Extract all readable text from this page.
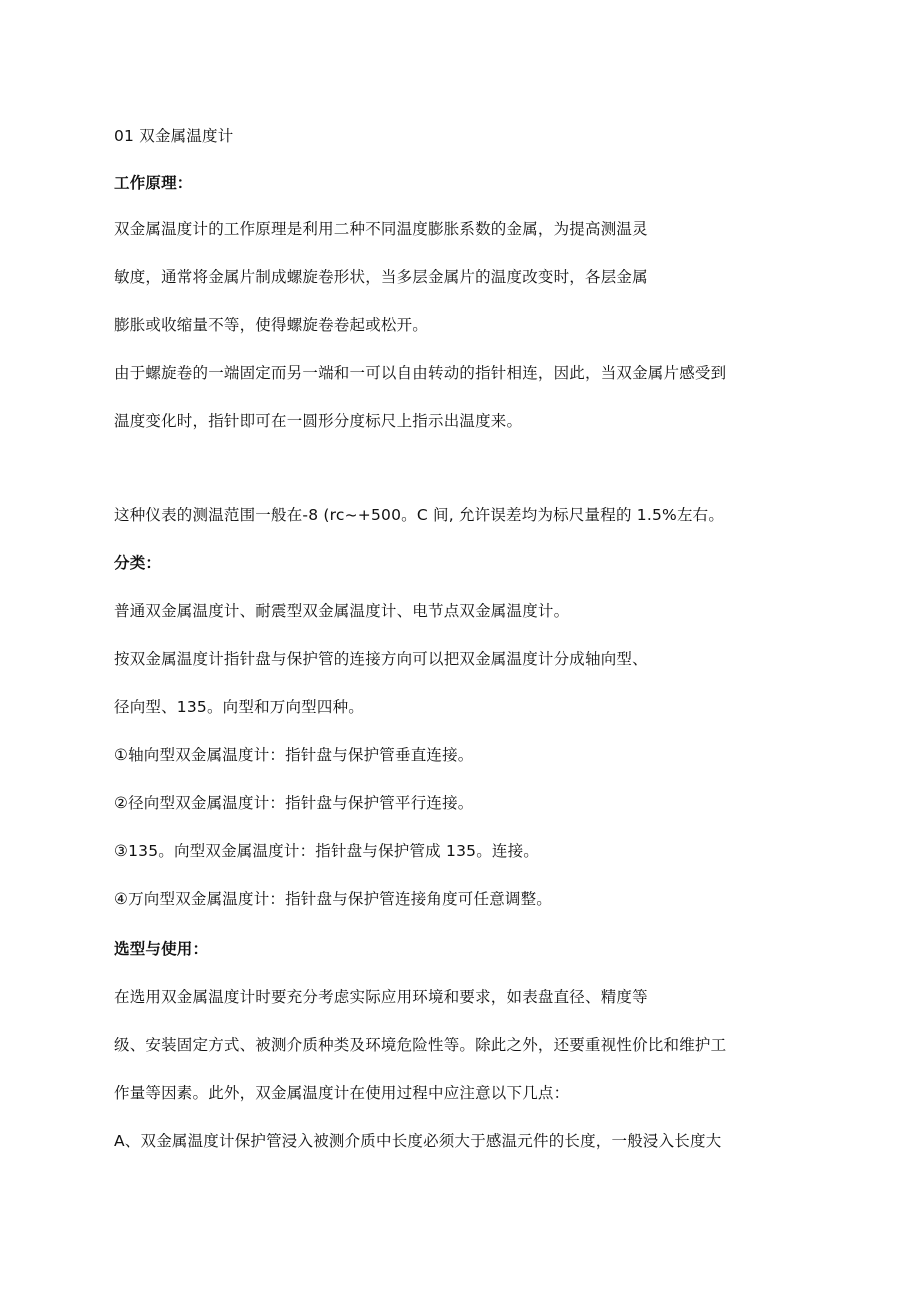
01 双金属温度计
工作原理：
双金属温度计的工作原理是利用二种不同温度膨胀系数的金属，为提高测温灵
敏度，通常将金属片制成螺旋卷形状，当多层金属片的温度改变时，各层金属
膨胀或收缩量不等，使得螺旋卷卷起或松开。
由于螺旋卷的一端固定而另一端和一可以自由转动的指针相连，因此，当双金属片感受到
温度变化时，指针即可在一圆形分度标尺上指示出温度来。
这种仪表的测温范围一般在-8 (rc~+500。C 间, 允许误差均为标尺量程的 1.5%左右。
分类：
普通双金属温度计、耐震型双金属温度计、电节点双金属温度计。
按双金属温度计指针盘与保护管的连接方向可以把双金属温度计分成轴向型、
径向型、135。向型和万向型四种。
①轴向型双金属温度计：指针盘与保护管垂直连接。
②径向型双金属温度计：指针盘与保护管平行连接。
③135。向型双金属温度计：指针盘与保护管成 135。连接。
④万向型双金属温度计：指针盘与保护管连接角度可任意调整。
选型与使用：
在选用双金属温度计时要充分考虑实际应用环境和要求，如表盘直径、精度等
级、安装固定方式、被测介质种类及环境危险性等。除此之外，还要重视性价比和维护工
作量等因素。此外，双金属温度计在使用过程中应注意以下几点：
A、双金属温度计保护管浸入被测介质中长度必须大于感温元件的长度，一般浸入长度大
